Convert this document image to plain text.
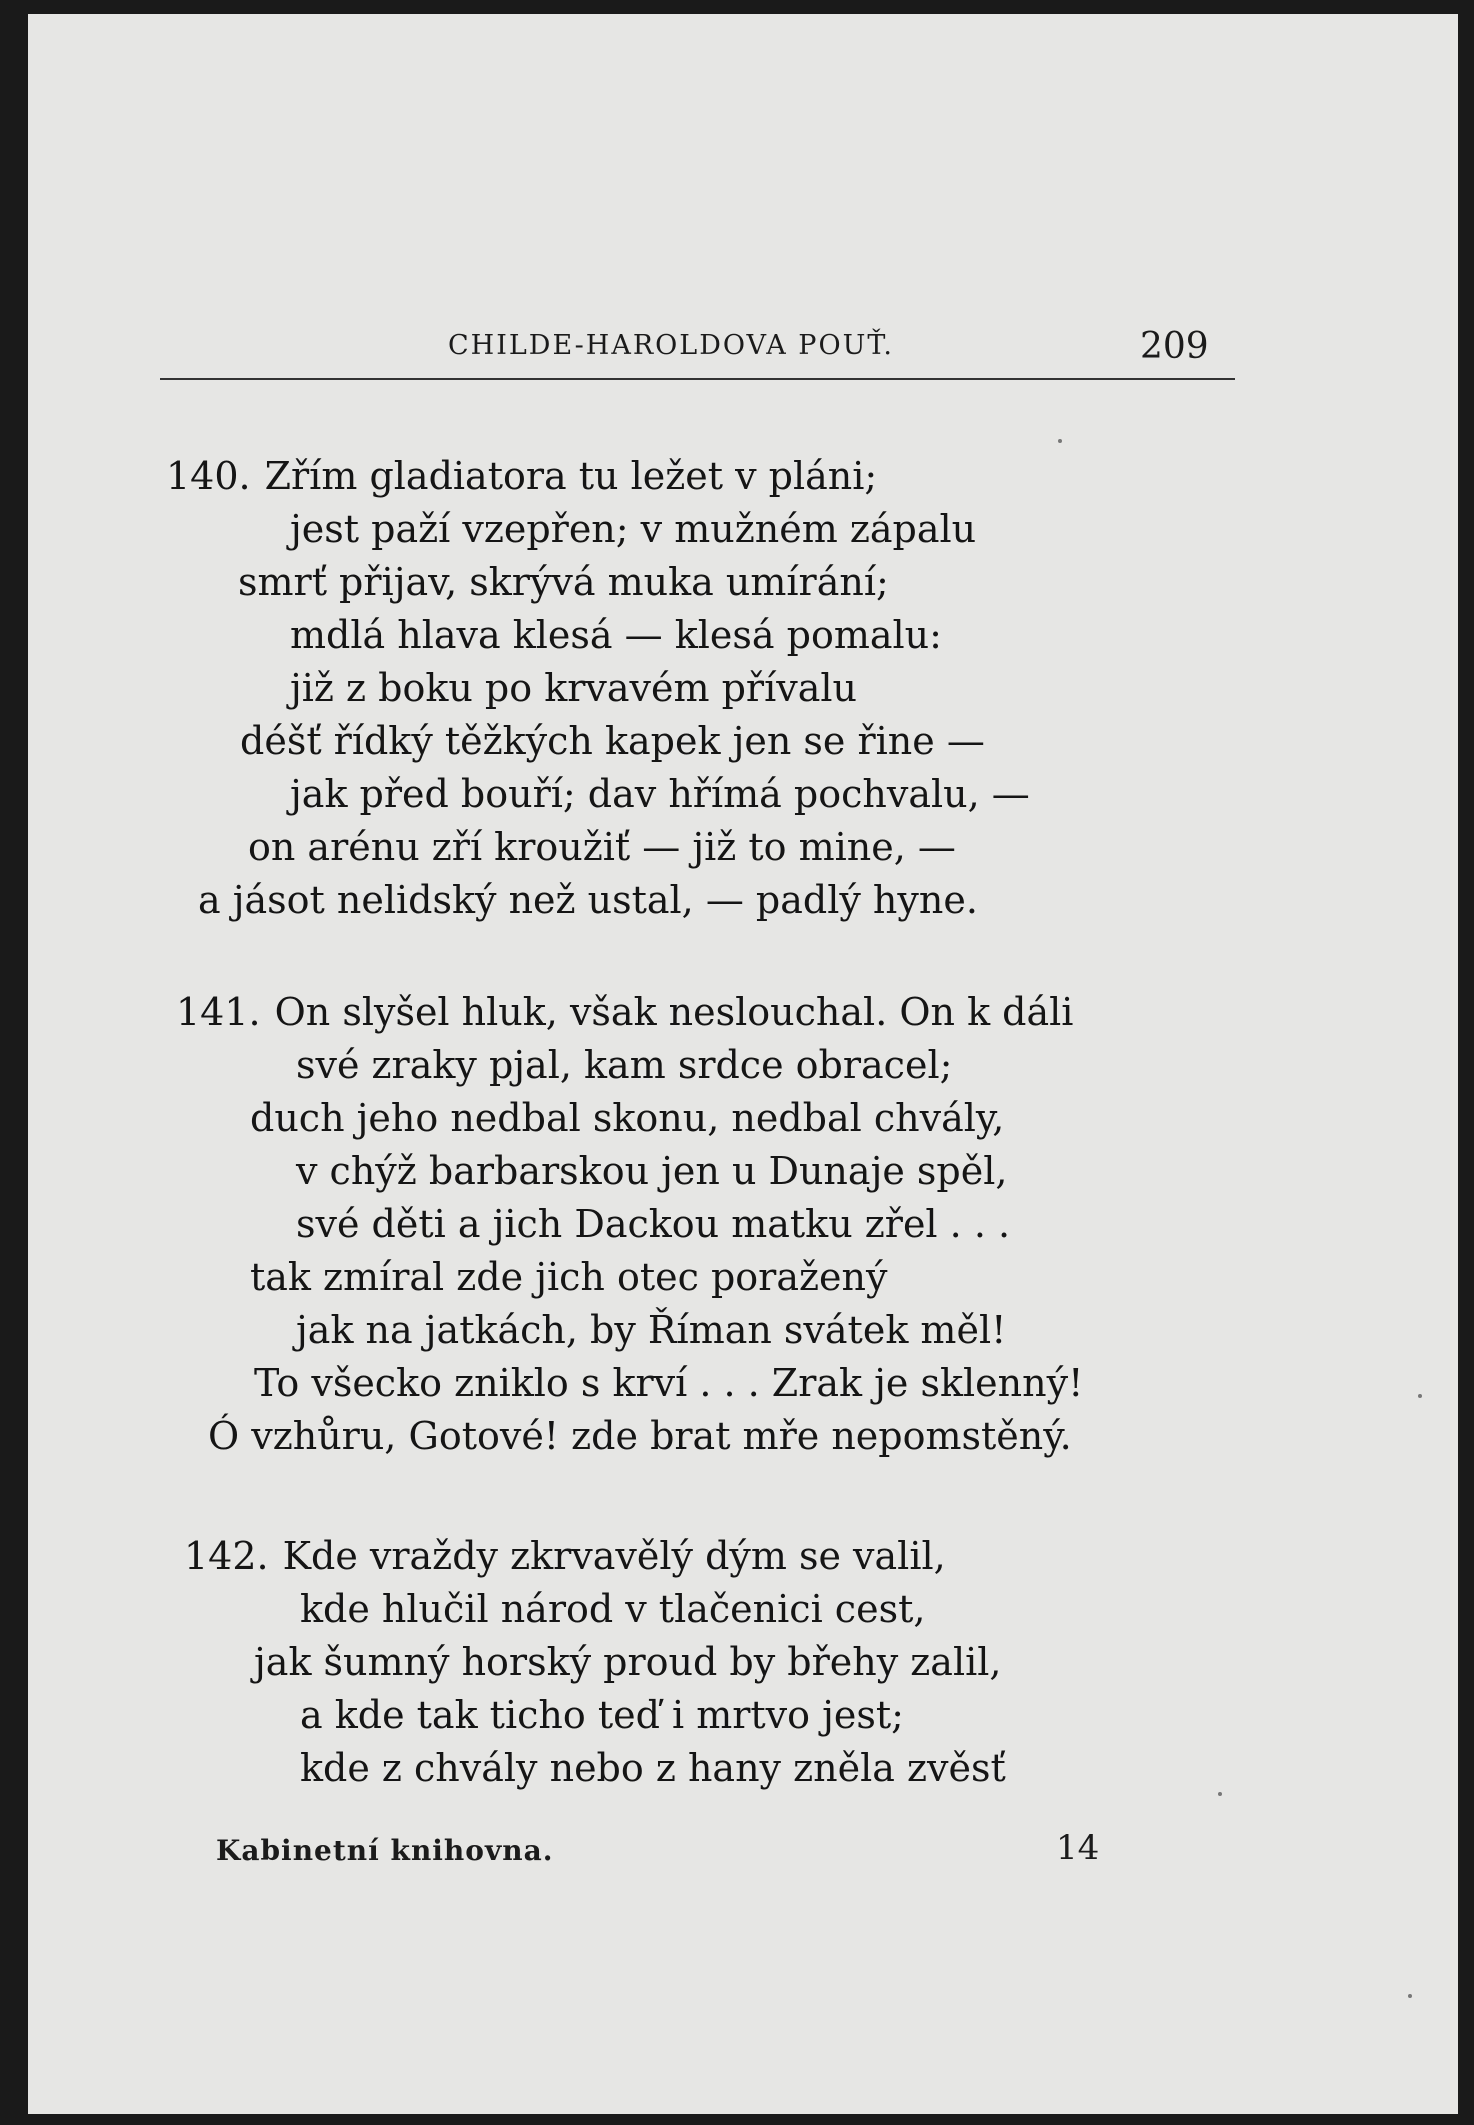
CHILDE-HAROLDOVA POUŤ.	209
140. Zřím gladiatora tu ležet v pláni;
jest paží vzepřen; v mužném zápalu
smrť přijav, skrývá muka umírání;
mdlá hlava klesá — klesá pomalu:
již z boku po krvavém přívalu
déšť řídký těžkých kapek jen se řine —
jak před bouří; dav hřímá pochvalu, —
on arénu zří kroužiť — již to mine, —
a jásot nelidský než ustal, — padlý hyne.
141. On slyšel hluk, však neslouchal. On k dáli
své zraky pjal, kam srdce obracel;
duch jeho nedbal skonu, nedbal chvály,
v chýž barbarskou jen u Dunaje spěl,
své děti a jich Dackou matku zřel . . .
tak zmíral zde jich otec poražený
jak na jatkách, by Říman svátek měl!
To všecko zniklo s krví . . . Zrak je sklenný!
Ó vzhůru, Gotové! zde brat mře nepomstěný.
142. Kde vraždy zkrvavělý dým se valil,
kde hlučil národ v tlačenici cest,
jak šumný horský proud by břehy zalil,
a kde tak ticho teď i mrtvo jest;
kde z chvály nebo z hany zněla zvěsť
Kabinetní knihovna.	14
